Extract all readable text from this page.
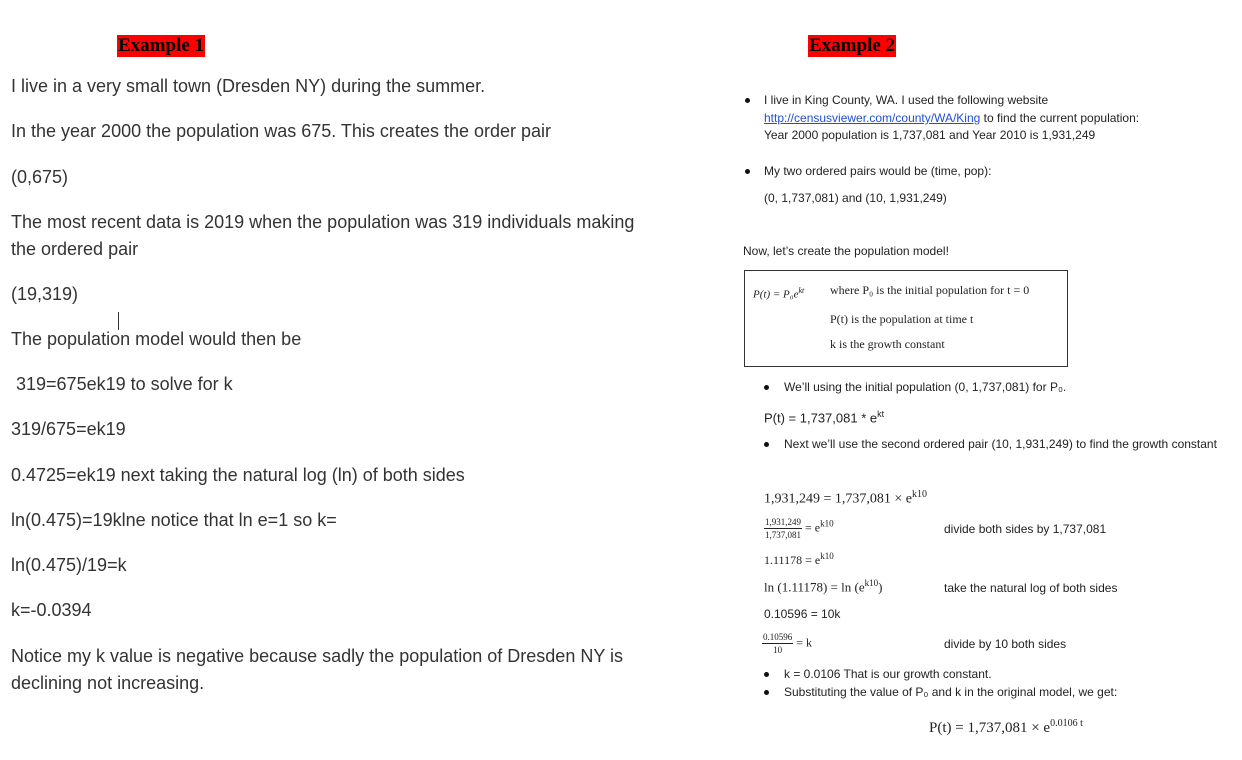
Example 1
I live in a very small town (Dresden NY) during the summer.
In the year 2000 the population was 675. This creates the order pair
(0,675)
The most recent data is 2019 when the population was 319 individuals making
the ordered pair
(19,319)
The population model would then be
319=675ek19 to solve for k
319/675=ek19
0.4725=ek19 next taking the natural log (ln) of both sides
ln(0.475)=19klne notice that ln e=1 so k=
ln(0.475)/19=k
k=-0.0394
Notice my k value is negative because sadly the population of Dresden NY is
declining not increasing.
Example 2
I live in King County, WA. I used the following website
http://censusviewer.com/county/WA/King to find the current population:
Year 2000 population is 1,737,081 and Year 2010 is 1,931,249
My two ordered pairs would be (time, pop):
(0, 1,737,081) and (10, 1,931,249)
Now, let’s create the population model!
$P(t) = P_0e^{kt}$ where P₀ is the initial population for t = 0
P(t) is the population at time t
k is the growth constant
We’ll using the initial population (0, 1,737,081) for P₀.
$P(t) = 1,737,081 * e^{kt}$
Next we’ll use the second ordered pair (10, 1,931,249) to find the growth constant
$1,931,249 = 1,737,081 \times e^{k10}$
$\frac{1,931,249}{1,737,081} = e^{k10}$	divide both sides by 1,737,081
$1.11178 = e^{k10}$
$\ln (1.11178) = \ln (e^{k10})$	take the natural log of both sides
0.10596 = 10k
$\frac{0.10596}{10} = k$	divide by 10 both sides
k = 0.0106 That is our growth constant.
Substituting the value of P₀ and k in the original model, we get:
$P(t) = 1,737,081 \times e^{0.0106 t}$
